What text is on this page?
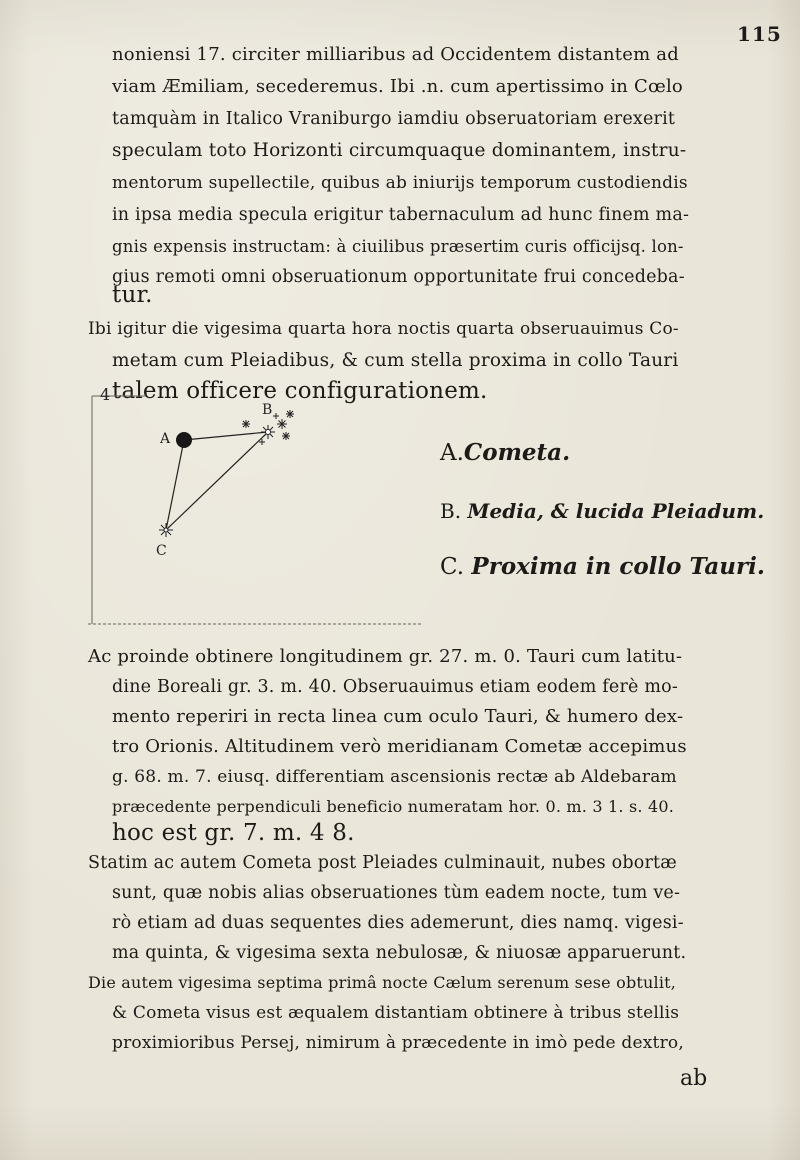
115
noniensi 17. circiter milliaribus ad Occidentem distantem ad
viam Æmiliam, secederemus. Ibi .n. cum apertissimo in Cœlo
tamquàm in Italico Vraniburgo iamdiu obseruatoriam erexerit
speculam toto Horizonti circumquaque dominantem, instru-
mentorum supellectile, quibus ab iniurijs temporum custodiendis
in ipsa media specula erigitur tabernaculum ad hunc finem ma-
gnis expensis instructam: à ciuilibus præsertim curis officijsq. lon-
gius remoti omni obseruationum opportunitate frui concedeba-
tur.
Ibi igitur die vigesima quarta hora noctis quarta obseruauimus Co-
metam cum Pleiadibus, & cum stella proxima in collo Tauri
talem officere configurationem.
4
A
B
C
A.Cometa.
B. Media, & lucida Pleiadum.
C. Proxima in collo Tauri.
Ac proinde obtinere longitudinem gr. 27. m. 0. Tauri cum latitu-
dine Boreali gr. 3. m. 40. Obseruauimus etiam eodem ferè mo-
mento reperiri in recta linea cum oculo Tauri, & humero dex-
tro Orionis. Altitudinem verò meridianam Cometæ accepimus
g. 68. m. 7. eiusq. differentiam ascensionis rectæ ab Aldebaram
præcedente perpendiculi beneficio numeratam hor. 0. m. 3 1. s. 40.
hoc est gr. 7. m. 4 8.
Statim ac autem Cometa post Pleiades culminauit, nubes obortæ
sunt, quæ nobis alias obseruationes tùm eadem nocte, tum ve-
rò etiam ad duas sequentes dies ademerunt, dies namq. vigesi-
ma quinta, & vigesima sexta nebulosæ, & niuosæ apparuerunt.
Die autem vigesima septima primâ nocte Cælum serenum sese obtulit,
& Cometa visus est æqualem distantiam obtinere à tribus stellis
proximioribus Persej, nimirum à præcedente in imò pede dextro,
ab
